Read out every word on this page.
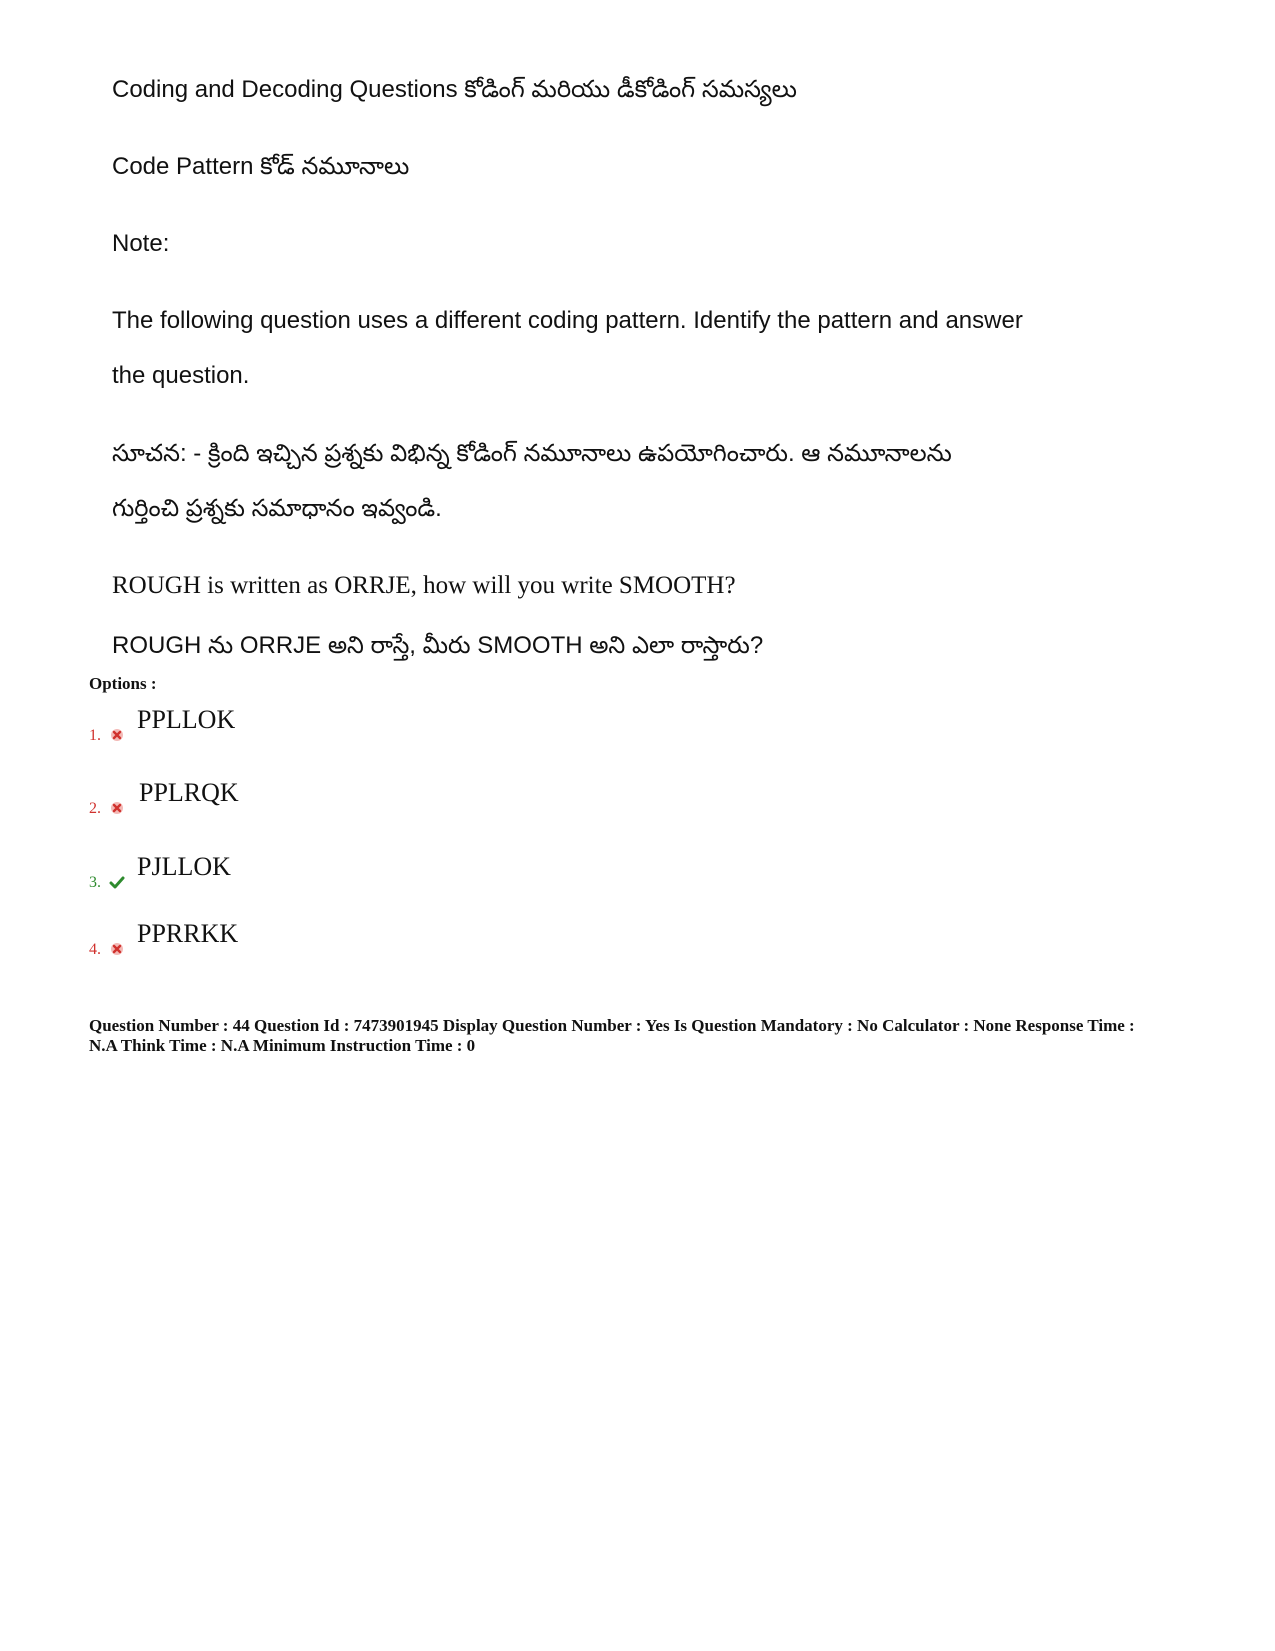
Coding and Decoding Questions కోడింగ్ మరియు డీకోడింగ్ సమస్యలు
Code Pattern కోడ్ నమూనాలు
Note:
The following question uses a different coding pattern. Identify the pattern and answer
the question.
సూచన: - క్రింది ఇచ్చిన ప్రశ్నకు విభిన్న కోడింగ్ నమూనాలు ఉపయోగించారు. ఆ నమూనాలను
గుర్తించి ప్రశ్నకు సమాధానం ఇవ్వండి.
ROUGH is written as ORRJE, how will you write SMOOTH?
ROUGH ను ORRJE అని రాస్తే, మీరు SMOOTH అని ఎలా రాస్తారు?
Options :
1.
PPLLOK
2.
PPLRQK
3.
PJLLOK
4.
PPRRKK
Question Number : 44 Question Id : 7473901945 Display Question Number : Yes Is Question Mandatory : No Calculator : None Response Time : N.A Think Time : N.A Minimum Instruction Time : 0
